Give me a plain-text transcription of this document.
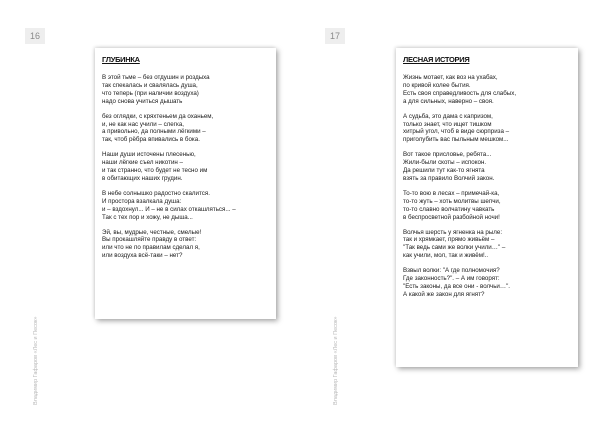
16	17
ГЛУБИНКА
В этой тьме – без отдушин и роздыха
так спекалась и свалялась душа,
что теперь (при наличии воздуха)
надо снова учиться дышать
без оглядки, с кряхтеньем да оханьем,
и, не как нас учили – слегка,
а привольно, да полными лёгкими –
так, чтоб рёбра впивались в бока.
Наши души источены плесенью,
наши лёгкие съел никотин –
и так странно, что будет не тесно им
в обитающих наших грудин.
В небе солнышко радостно скалится.
И простора взалкала душа:
и – вздохнул... И – не в силах откашляться... –
Так с тех пор и хожу, не дыша...
Эй, вы, мудрые, честные, смелые!
Вы прокашляйте правду в ответ:
или что не по правилам сделал я,
или воздуха всё-таки – нет?
ЛЕСНАЯ ИСТОРИЯ
Жизнь мотает, как воз на ухабах,
по кривой колее бытия.
Есть своя справедливость для слабых,
а для сильных, наверно – своя.
А судьба, это дама с капризом,
только знает, что ищет тишком
хитрый угол, чтоб в виде сюрприза –
приголубить вас пыльным мешком...
Вот такое присловье, ребята...
Жили-были скоты – испокон.
Да решили тут как-то ягнята
взять за правило Волчий закон.
То-то вою в лесах – примечай-ка,
то-то жуть – хоть молитвы шепчи,
то-то славно волчатину чавкать
в беспросветной разбойной ночи!
Волчья шерсть у ягненка на рыле:
так и хрямкает, прямо живьём –
"Так ведь сами же волки учили…" –
как учили, мол, так и живём!..
Взвыл волки: "А где полномочия?
Где законность?". – А им говорят:
"Есть законы, да все они - волчьи…".
А какой же закон для ягнят?
Владимир Гафаров «Лес и Песок»	Владимир Гафаров «Лес и Песок»
